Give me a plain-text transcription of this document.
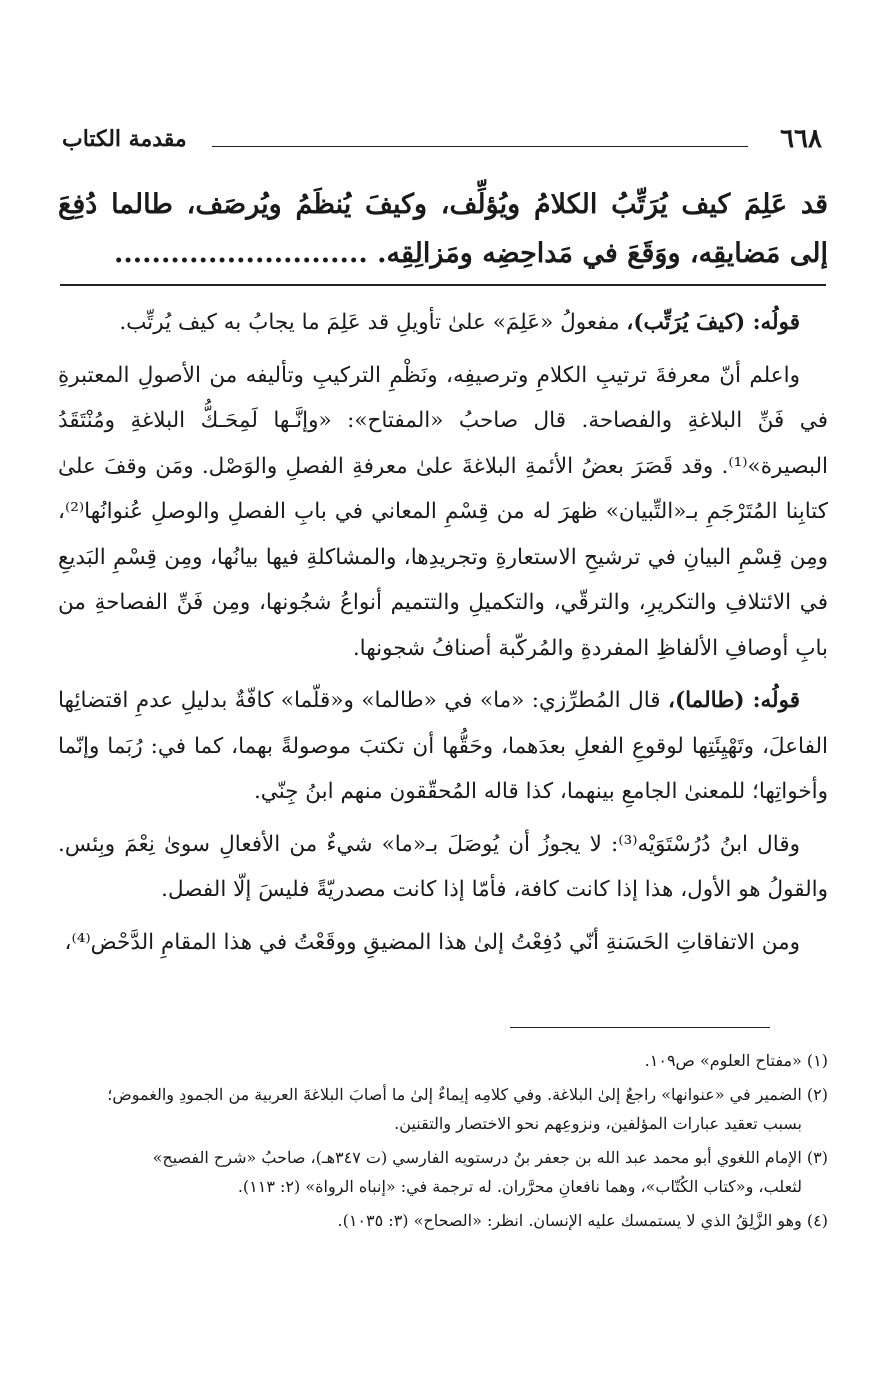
٦٦٨
مقدمة الكتاب
قد عَلِمَ كيف يُرَتِّبُ الكلامُ ويُؤلِّف، وكيفَ يُنظَمُ ويُرصَف، طالما دُفِعَ إلى مَضايقِه، ووَقَعَ في مَداحِضِه ومَزالِقِه. ...........................

قولُه: (كيفَ يُرَتِّب)، مفعولُ «عَلِمَ» علىٰ تأويلِ قد عَلِمَ ما يجابُ به كيف يُرتِّب.

واعلم أنّ معرفةَ ترتيبِ الكلامِ وترصيفِه، ونَظْمِ التركيبِ وتأليفه من الأصولِ المعتبرةِ في فَنِّ البلاغةِ والفصاحة. قال صاحبُ «المفتاح»: «وإنَّـها لَمِحَـكُّ البلاغةِ ومُنْتَقَدُ البصيرة»⁽¹⁾. وقد قَصَرَ بعضُ الأئمةِ البلاغةَ علىٰ معرفةِ الفصلِ والوَصْل. ومَن وقفَ علىٰ كتابِنا المُتَرْجَمِ بـ«التِّبيان» ظهرَ له من قِسْمِ المعاني في بابِ الفصلِ والوصلِ عُنوانُها⁽²⁾، ومِن قِسْمِ البيانِ في ترشيحِ الاستعارةِ وتجريدِها، والمشاكلةِ فيها بيانُها، ومِن قِسْمِ البَديعِ في الائتلافِ والتكريرِ، والترقّي، والتكميلِ والتتميم أنواعُ شجُونها، ومِن فَنِّ الفصاحةِ من بابِ أوصافِ الألفاظِ المفردةِ والمُركّبة أصنافُ شجونها.

قولُه: (طالما)، قال المُطرِّزي: «ما» في «طالما» و«قلّما» كافّةٌ بدليلِ عدمِ اقتضائِها الفاعلَ، وتَهْيِئَتِها لوقوعِ الفعلِ بعدَهما، وحَقُّها أن تكتبَ موصولةً بهما، كما في: رُبَما وإنّما وأخواتِها؛ للمعنىٰ الجامعِ بينهما، كذا قاله المُحقّقون منهم ابنُ جِنّي.

وقال ابنُ دُرُسْتَوَيْه⁽³⁾: لا يجوزُ أن يُوصَلَ بـ«ما» شيءٌ من الأفعالِ سوىٰ نِعْمَ وبِئس. والقولُ هو الأول، هذا إذا كانت كافة، فأمّا إذا كانت مصدريّةً فليسَ إلّا الفصل.

ومن الاتفاقاتِ الحَسَنةِ أنّي دُفِعْتُ إلىٰ هذا المضيقِ ووقَعْتُ في هذا المقامِ الدَّحْض⁽⁴⁾،

(١) «مفتاح العلوم» ص١٠٩.

(٢) الضمير في «عنوانها» راجعٌ إلىٰ البلاغة. وفي كلامِه إيماءٌ إلىٰ ما أصابَ البلاغةَ العربية من الجمودِ والغموض؛
بسبب تعقيد عبارات المؤلفين، ونزوعِهم نحو الاختصار والتقنين.

(٣) الإمام اللغوي أبو محمد عبد الله بن جعفر بنُ درستويه الفارسي (ت ٣٤٧هـ)، صاحبُ «شرح الفصيح»
لثعلب، و«كتاب الكُتّاب»، وهما نافعانِ محرَّران. له ترجمة في: «إنباه الرواة» (٢: ١١٣).

(٤) وهو الزَّلِقُ الذي لا يستمسك عليه الإنسان. انظر: «الصحاح» (٣: ١٠٣٥).
